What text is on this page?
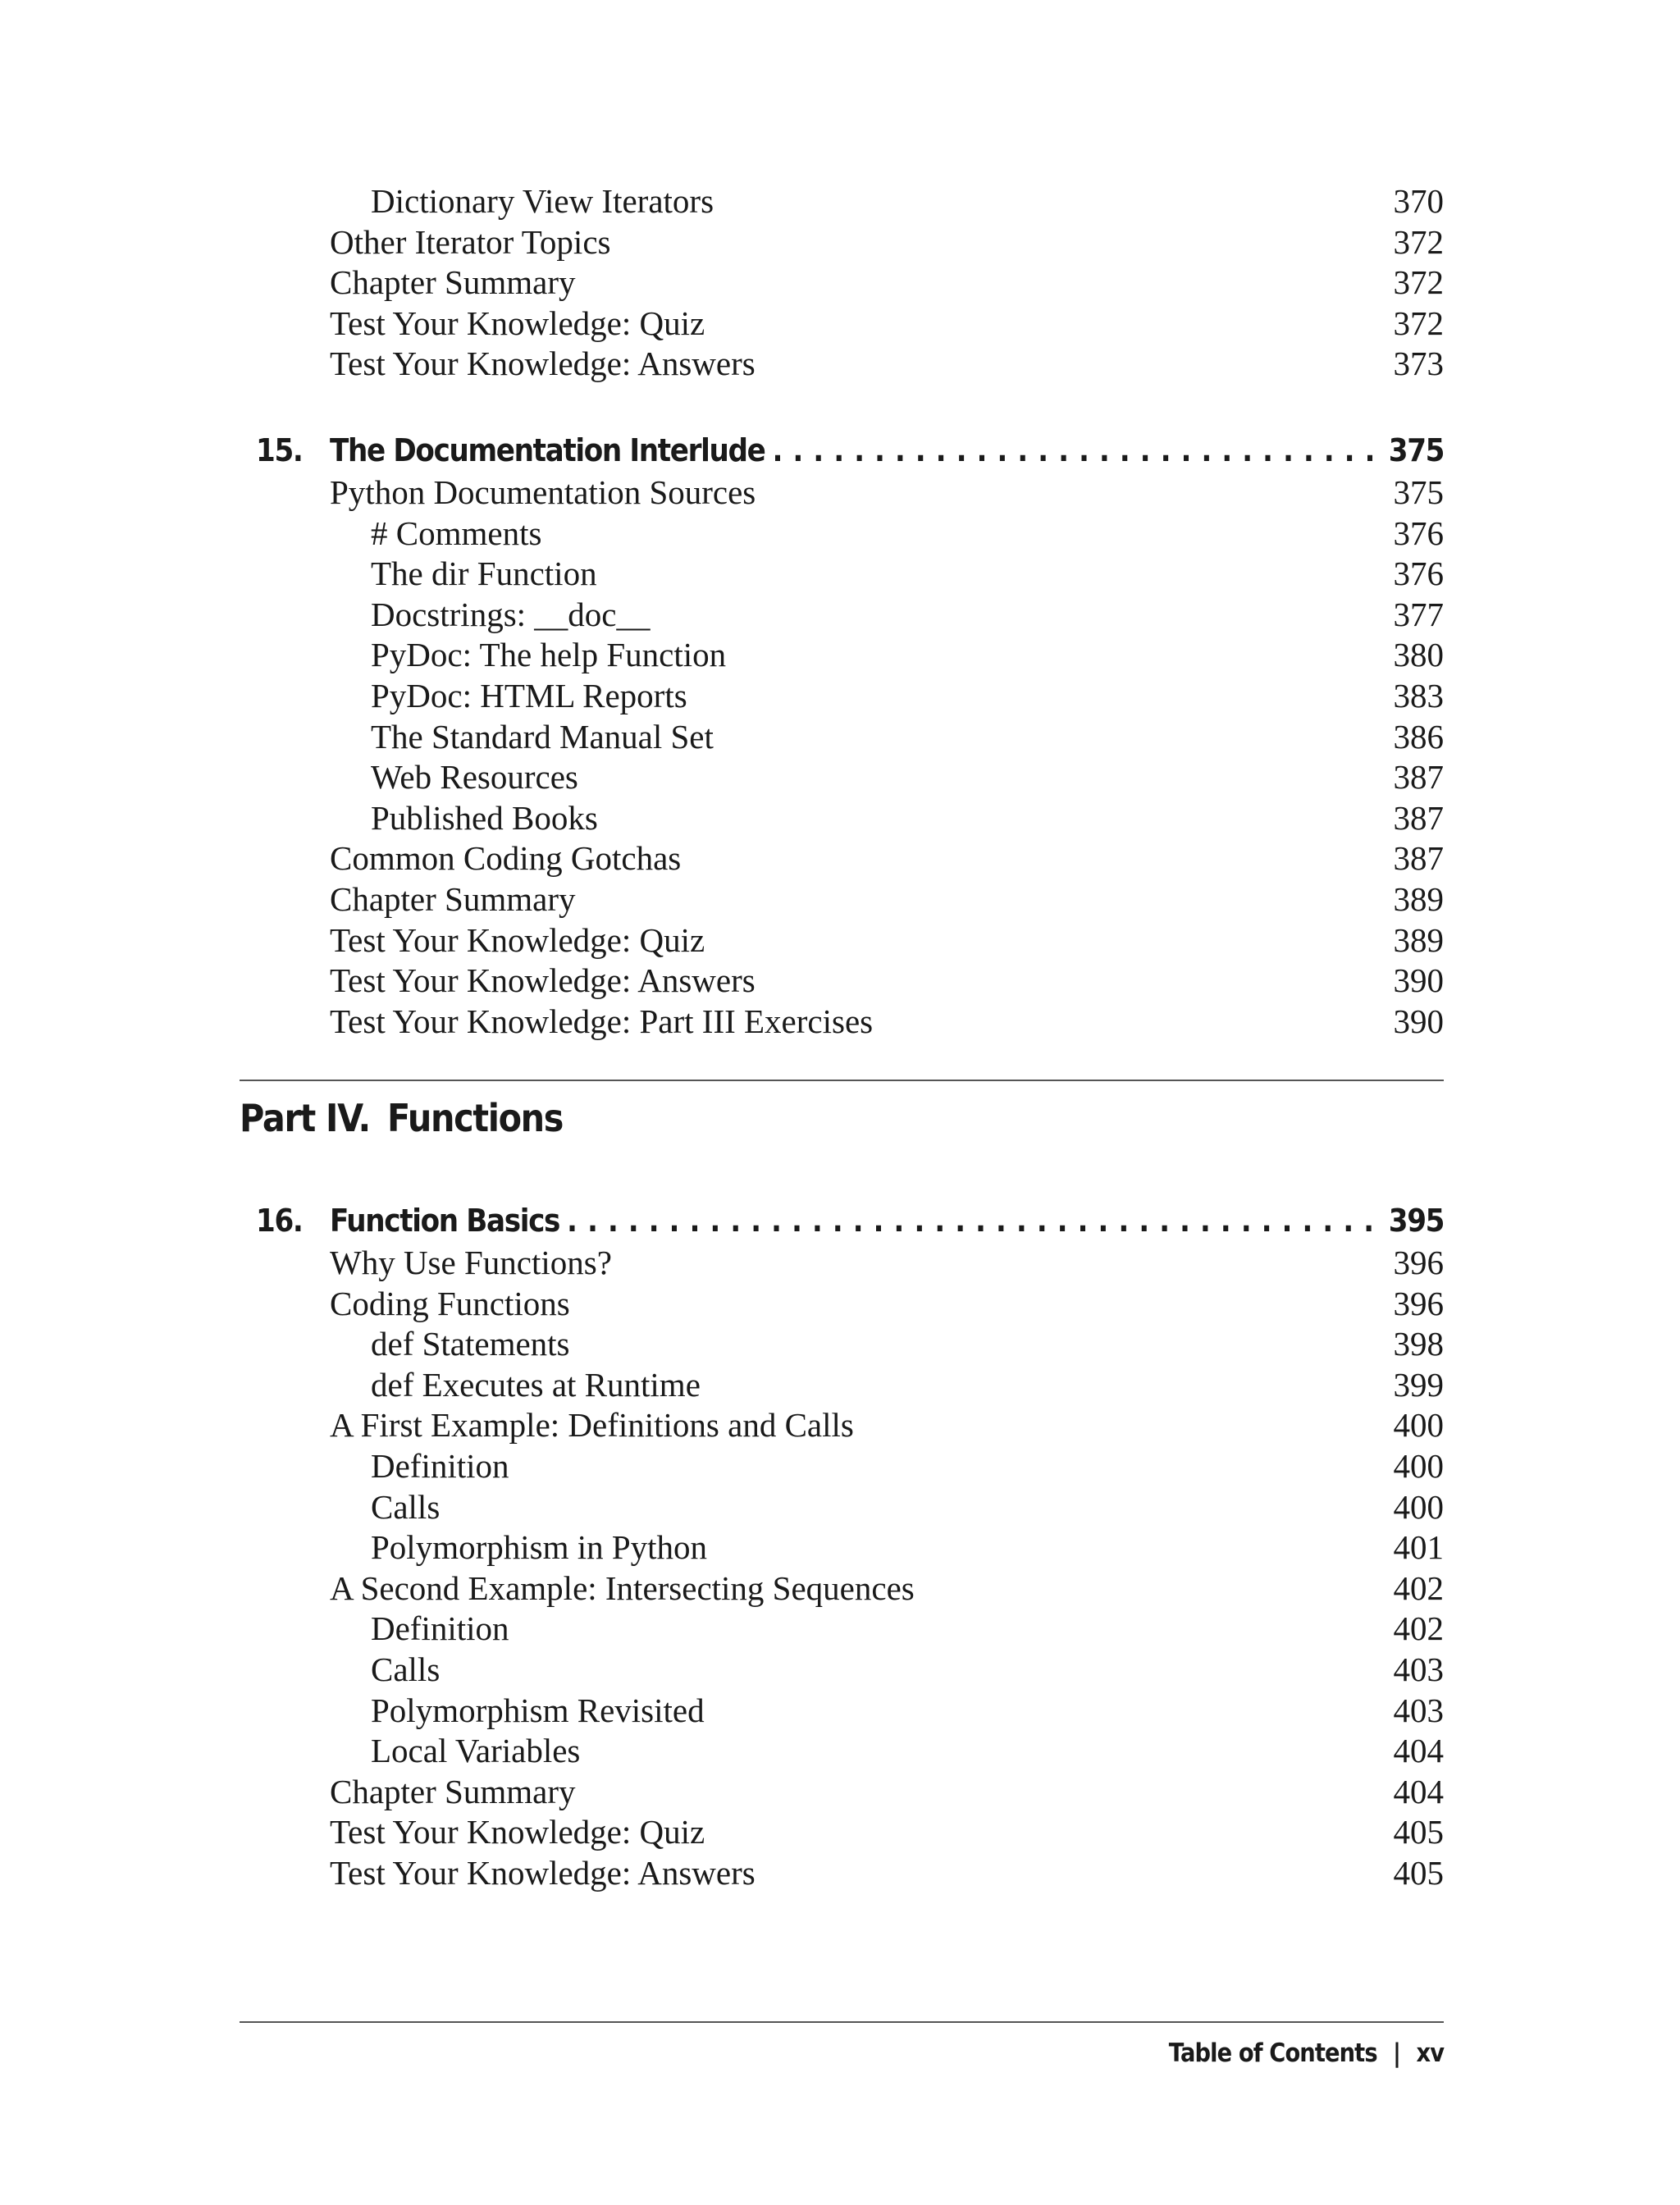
Dictionary View Iterators	370
Other Iterator Topics	372
Chapter Summary	372
Test Your Knowledge: Quiz	372
Test Your Knowledge: Answers	373
15. The Documentation Interlude . . .	375
Python Documentation Sources	375
# Comments	376
The dir Function	376
Docstrings: __doc__	377
PyDoc: The help Function	380
PyDoc: HTML Reports	383
The Standard Manual Set	386
Web Resources	387
Published Books	387
Common Coding Gotchas	387
Chapter Summary	389
Test Your Knowledge: Quiz	389
Test Your Knowledge: Answers	390
Test Your Knowledge: Part III Exercises	390
Part IV. Functions
16. Function Basics . . .	395
Why Use Functions?	396
Coding Functions	396
def Statements	398
def Executes at Runtime	399
A First Example: Definitions and Calls	400
Definition	400
Calls	400
Polymorphism in Python	401
A Second Example: Intersecting Sequences	402
Definition	402
Calls	403
Polymorphism Revisited	403
Local Variables	404
Chapter Summary	404
Test Your Knowledge: Quiz	405
Test Your Knowledge: Answers	405
Table of Contents | xv
